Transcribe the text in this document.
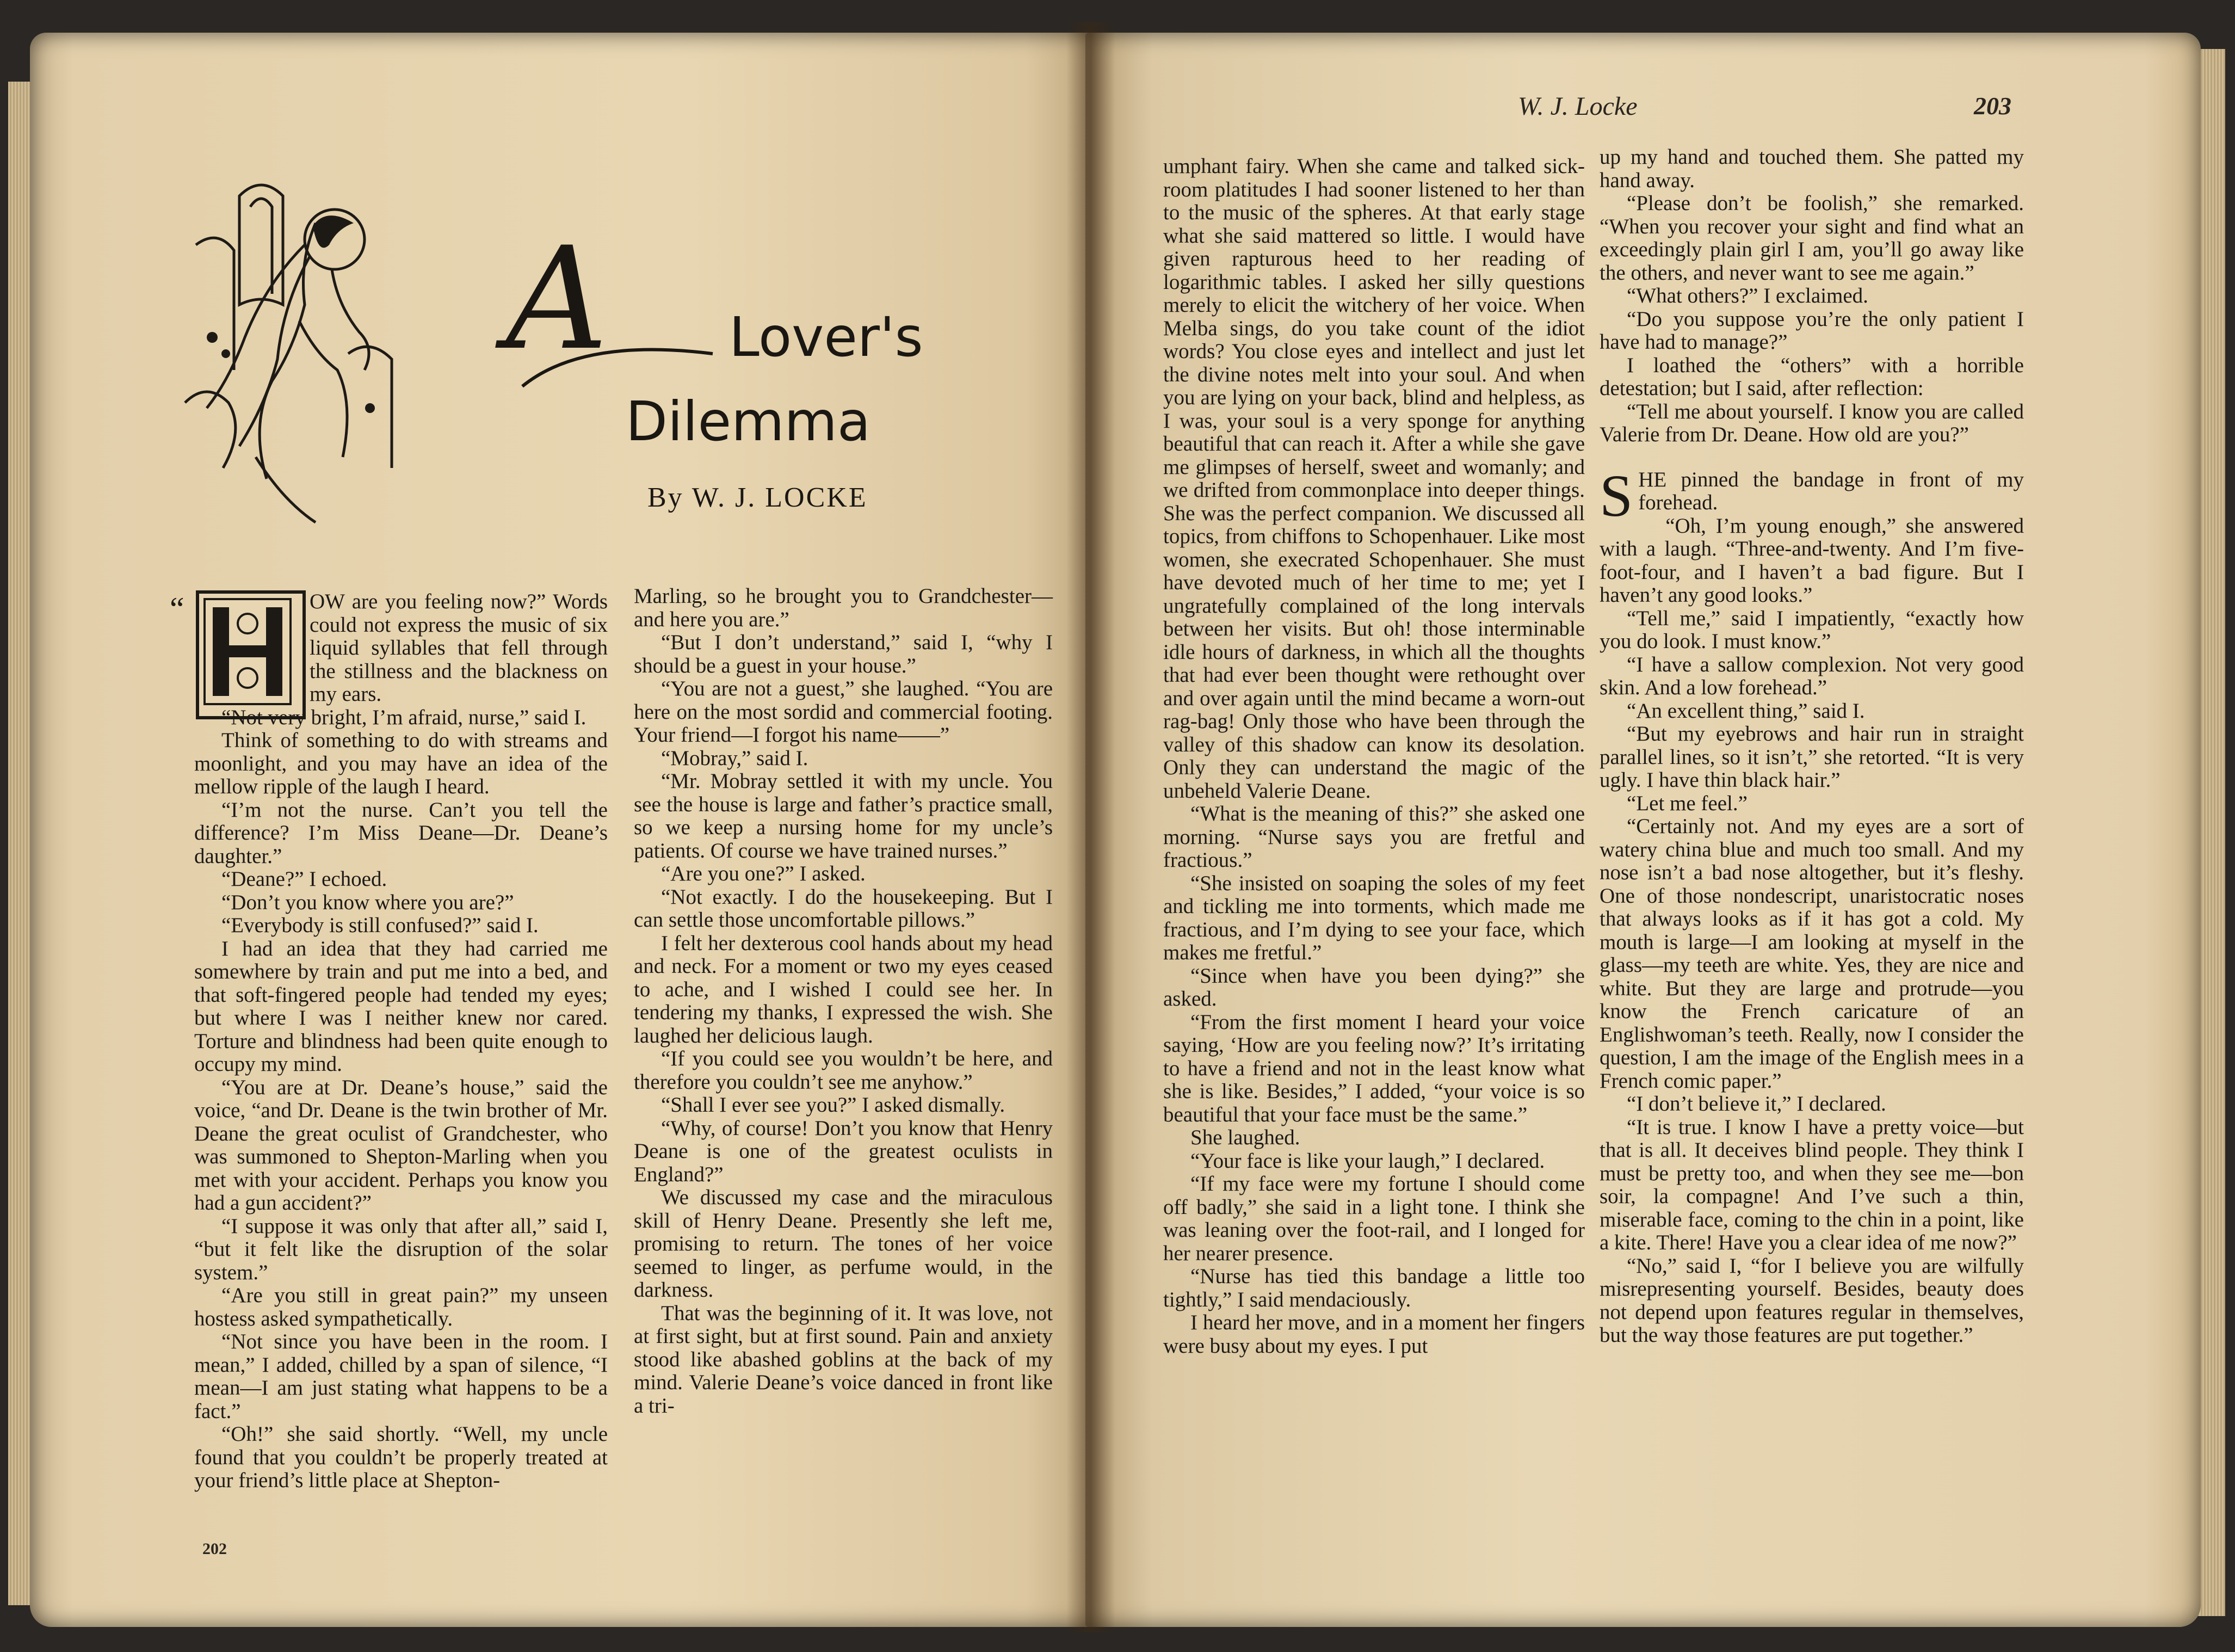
A Lover's
Dilemma
By W. J. LOCKE
“	OW are you feeling now?” Words could not express the music of six liquid syllables that fell through the stillness and the blackness on my ears.

“Not very bright, I’m afraid, nurse,” said I.

Think of something to do with streams and moonlight, and you may have an idea of the mellow ripple of the laugh I heard.

“I’m not the nurse. Can’t you tell the difference? I’m Miss Deane—Dr. Deane’s daughter.”

“Deane?” I echoed.

“Don’t you know where you are?”

“Everybody is still confused?” said I.

I had an idea that they had carried me somewhere by train and put me into a bed, and that soft-fingered people had tended my eyes; but where I was I neither knew nor cared. Torture and blindness had been quite enough to occupy my mind.

“You are at Dr. Deane’s house,” said the voice, “and Dr. Deane is the twin brother of Mr. Deane the great oculist of Grandchester, who was summoned to Shepton-Marling when you met with your accident. Perhaps you know you had a gun accident?”

“I suppose it was only that after all,” said I, “but it felt like the disruption of the solar system.”

“Are you still in great pain?” my unseen hostess asked sympathetically.

“Not since you have been in the room. I mean,” I added, chilled by a span of silence, “I mean—I am just stating what happens to be a fact.”

“Oh!” she said shortly. “Well, my uncle found that you couldn’t be properly treated at your friend’s little place at Shepton-

Marling, so he brought you to Grandchester—and here you are.”

“But I don’t understand,” said I, “why I should be a guest in your house.”

“You are not a guest,” she laughed. “You are here on the most sordid and commercial footing. Your friend—I forgot his name——”

“Mobray,” said I.

“Mr. Mobray settled it with my uncle. You see the house is large and father’s practice small, so we keep a nursing home for my uncle’s patients. Of course we have trained nurses.”

“Are you one?” I asked.

“Not exactly. I do the housekeeping. But I can settle those uncomfortable pillows.”

I felt her dexterous cool hands about my head and neck. For a moment or two my eyes ceased to ache, and I wished I could see her. In tendering my thanks, I expressed the wish. She laughed her delicious laugh.

“If you could see you wouldn’t be here, and therefore you couldn’t see me anyhow.”

“Shall I ever see you?” I asked dismally.

“Why, of course! Don’t you know that Henry Deane is one of the greatest oculists in England?”

We discussed my case and the miraculous skill of Henry Deane. Presently she left me, promising to return. The tones of her voice seemed to linger, as perfume would, in the darkness.

That was the beginning of it. It was love, not at first sight, but at first sound. Pain and anxiety stood like abashed goblins at the back of my mind. Valerie Deane’s voice danced in front like a tri-

202
W. J. Locke	203

umphant fairy. When she came and talked sick-room platitudes I had sooner listened to her than to the music of the spheres. At that early stage what she said mattered so little. I would have given rapturous heed to her reading of logarithmic tables. I asked her silly questions merely to elicit the witchery of her voice. When Melba sings, do you take count of the idiot words? You close eyes and intellect and just let the divine notes melt into your soul. And when you are lying on your back, blind and helpless, as I was, your soul is a very sponge for anything beautiful that can reach it. After a while she gave me glimpses of herself, sweet and womanly; and we drifted from commonplace into deeper things. She was the perfect companion. We discussed all topics, from chiffons to Schopenhauer. Like most women, she execrated Schopenhauer. She must have devoted much of her time to me; yet I ungratefully complained of the long intervals between her visits. But oh! those interminable idle hours of darkness, in which all the thoughts that had ever been thought were rethought over and over again until the mind became a worn-out rag-bag! Only those who have been through the valley of this shadow can know its desolation. Only they can understand the magic of the unbeheld Valerie Deane.

“What is the meaning of this?” she asked one morning. “Nurse says you are fretful and fractious.”

“She insisted on soaping the soles of my feet and tickling me into torments, which made me fractious, and I’m dying to see your face, which makes me fretful.”

“Since when have you been dying?” she asked.

“From the first moment I heard your voice saying, ‘How are you feeling now?’ It’s irritating to have a friend and not in the least know what she is like. Besides,” I added, “your voice is so beautiful that your face must be the same.”

She laughed.

“Your face is like your laugh,” I declared.

“If my face were my fortune I should come off badly,” she said in a light tone. I think she was leaning over the foot-rail, and I longed for her nearer presence.

“Nurse has tied this bandage a little too tightly,” I said mendaciously.

I heard her move, and in a moment her fingers were busy about my eyes. I put

up my hand and touched them. She patted my hand away.

“Please don’t be foolish,” she remarked. “When you recover your sight and find what an exceedingly plain girl I am, you’ll go away like the others, and never want to see me again.”

“What others?” I exclaimed.

“Do you suppose you’re the only patient I have had to manage?”

I loathed the “others” with a horrible detestation; but I said, after reflection:

“Tell me about yourself. I know you are called Valerie from Dr. Deane. How old are you?”

S HE pinned the bandage in front of my forehead.

“Oh, I’m young enough,” she answered with a laugh. “Three-and-twenty. And I’m five-foot-four, and I haven’t a bad figure. But I haven’t any good looks.”

“Tell me,” said I impatiently, “exactly how you do look. I must know.”

“I have a sallow complexion. Not very good skin. And a low forehead.”

“An excellent thing,” said I.

“But my eyebrows and hair run in straight parallel lines, so it isn’t,” she retorted. “It is very ugly. I have thin black hair.”

“Let me feel.”

“Certainly not. And my eyes are a sort of watery china blue and much too small. And my nose isn’t a bad nose altogether, but it’s fleshy. One of those nondescript, unaristocratic noses that always looks as if it has got a cold. My mouth is large—I am looking at myself in the glass—my teeth are white. Yes, they are nice and white. But they are large and protrude—you know the French caricature of an Englishwoman’s teeth. Really, now I consider the question, I am the image of the English mees in a French comic paper.”

“I don’t believe it,” I declared.

“It is true. I know I have a pretty voice—but that is all. It deceives blind people. They think I must be pretty too, and when they see me—bon soir, la compagne! And I’ve such a thin, miserable face, coming to the chin in a point, like a kite. There! Have you a clear idea of me now?”

“No,” said I, “for I believe you are wilfully misrepresenting yourself. Besides, beauty does not depend upon features regular in themselves, but the way those features are put together.”
